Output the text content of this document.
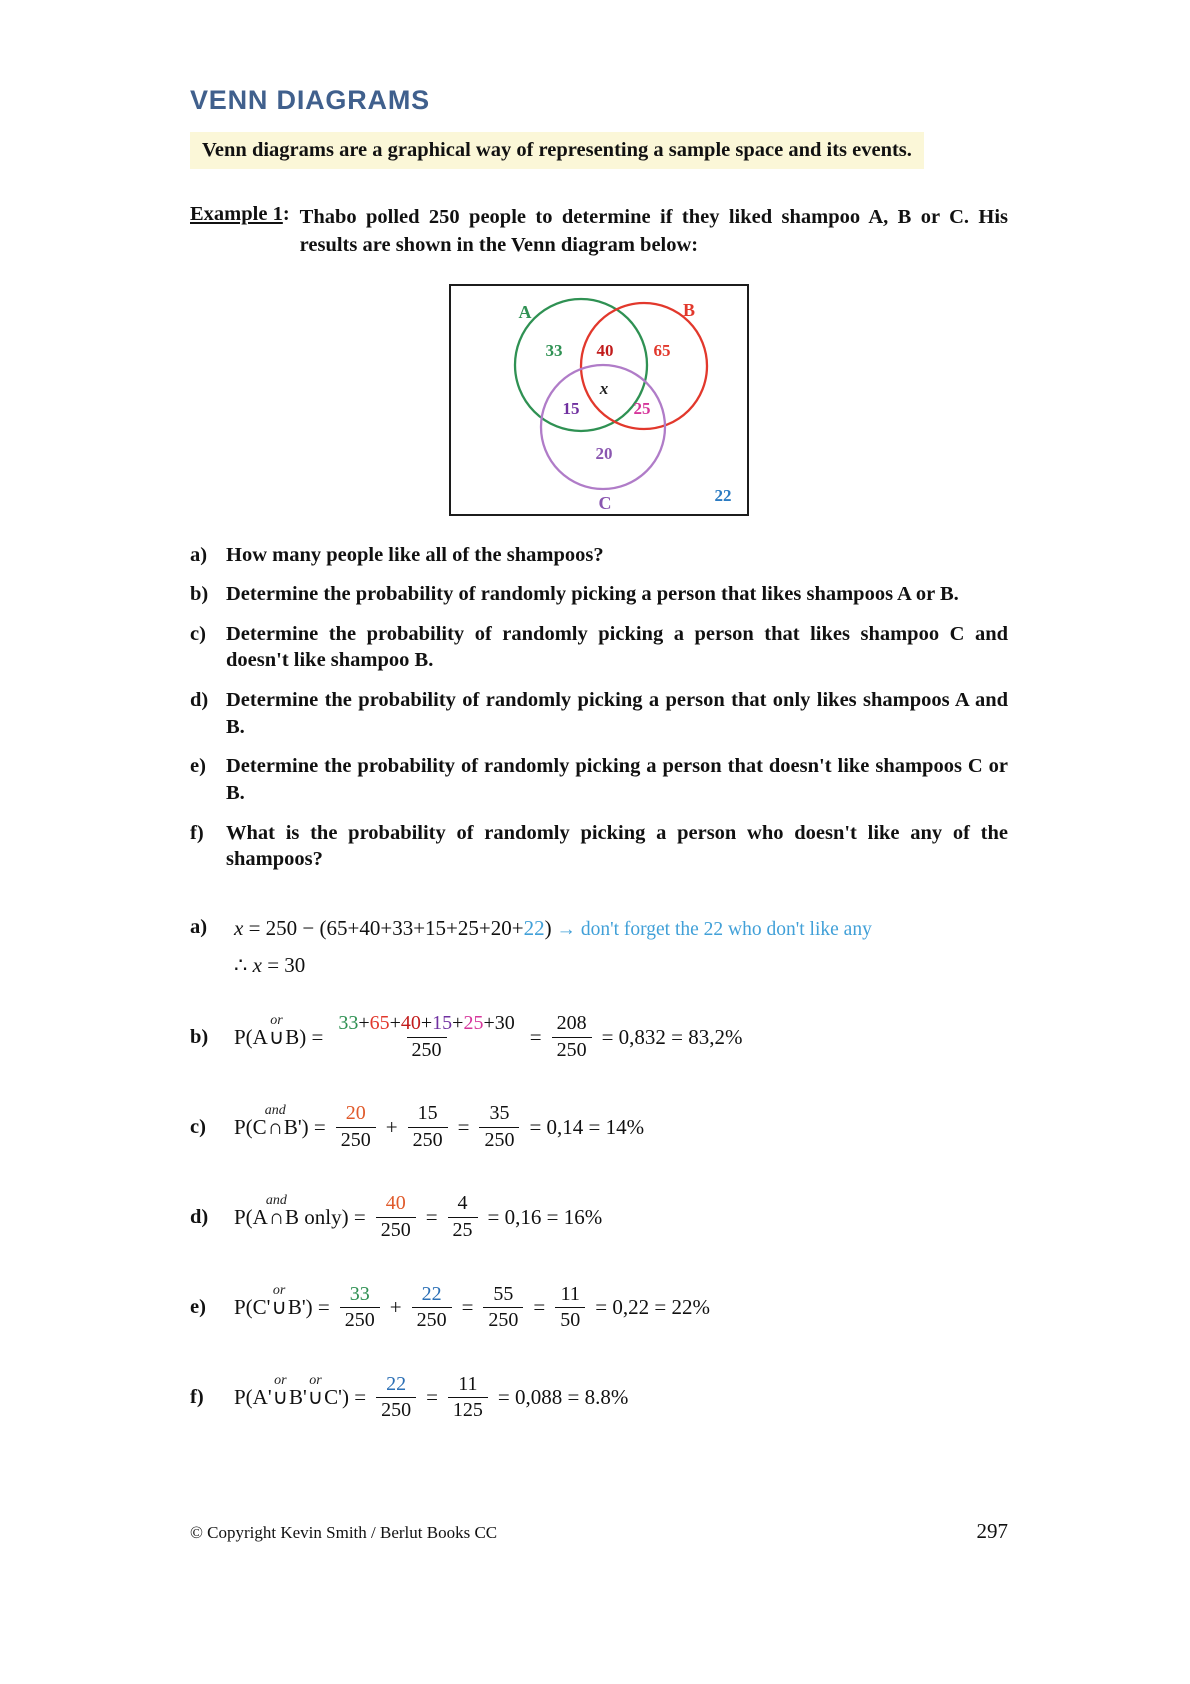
VENN DIAGRAMS
Venn diagrams are a graphical way of representing a sample space and its events.
Example 1: Thabo polled 250 people to determine if they liked shampoo A, B or C. His results are shown in the Venn diagram below:
A	B
C
33 40 65
x
15	25
20
22
a) How many people like all of the shampoos?
b) Determine the probability of randomly picking a person that likes shampoos A or B.
c) Determine the probability of randomly picking a person that likes shampoo C and doesn't like shampoo B.
d) Determine the probability of randomly picking a person that only likes shampoos A and B.
e) Determine the probability of randomly picking a person that doesn't like shampoos C or B.
f)	What is the probability of randomly picking a person who doesn't like any of the shampoos?
a)	x = 250 − (65+40+33+15+25+20+22) → don't forget the 22 who don't like any
∴ x = 30
b)	P(A
or
∪B) = $\frac{33+65+40+15+25+30}{250} = \frac{208}{250} = 0,832 = 83,2\%$
c)	P(C
and
∩B') = $\frac{20}{250} + \frac{15}{250} = \frac{35}{250} = 0,14 = 14\%$
d)	P(A
and
∩B only) = $\frac{40}{250} = \frac{4}{25} = 0,16 = 16\%$
e)	P(C'
or
∪B') = $\frac{33}{250} + \frac{22}{250} = \frac{55}{250} = \frac{11}{50} = 0,22 = 22\%$
f)	P(A'
or
∪B'
or
∪C') = $\frac{22}{250} = \frac{11}{125} = 0,088 = 8.8\%$
© Copyright Kevin Smith / Berlut Books CC	297
